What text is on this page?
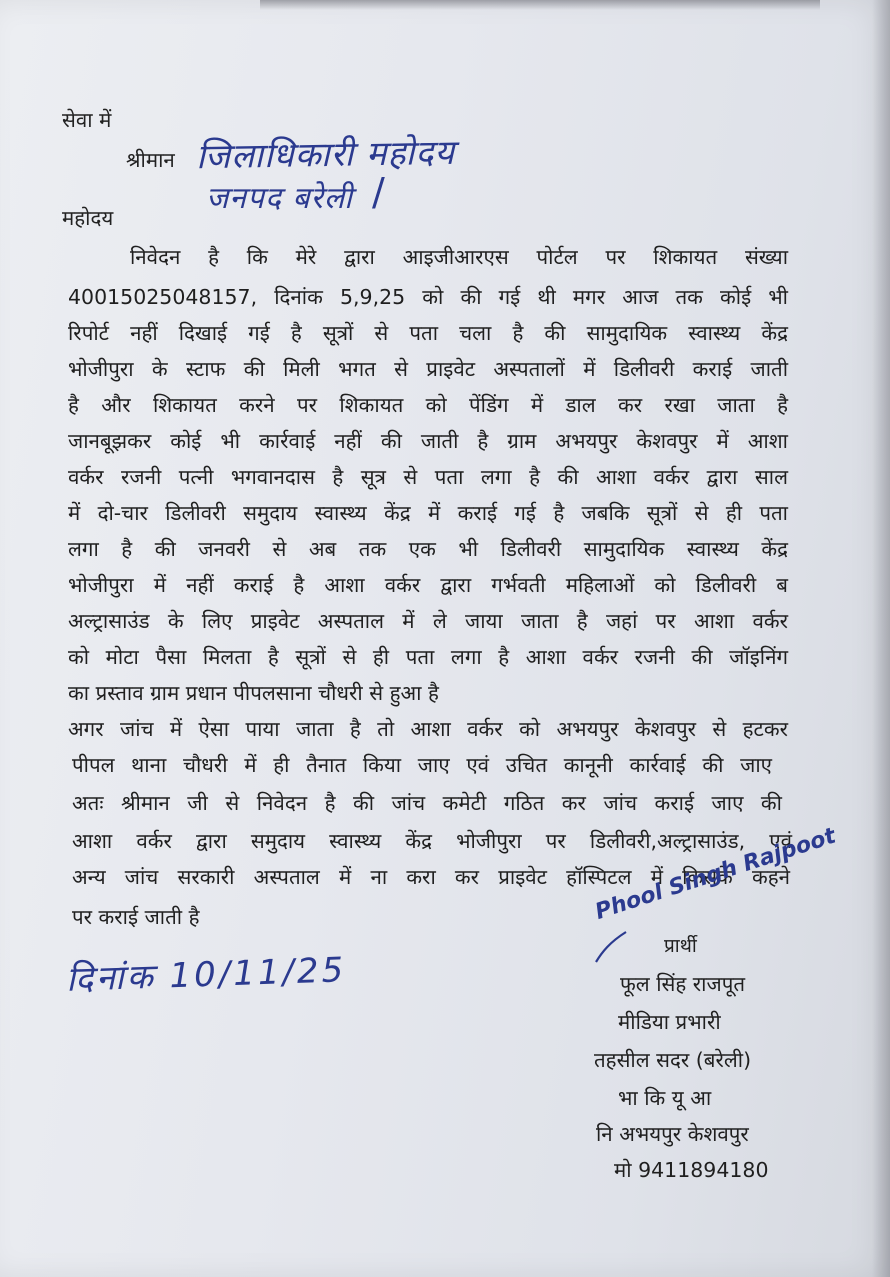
सेवा में
श्रीमान जिलाधिकारी महोदय
जनपद बरेली /
महोदय
निवेदन है कि मेरे द्वारा आइजीआरएस पोर्टल पर शिकायत संख्या
40015025048157, दिनांक 5,9,25 को की गई थी मगर आज तक कोई भी
रिपोर्ट नहीं दिखाई गई है सूत्रों से पता चला है की सामुदायिक स्वास्थ्य केंद्र
भोजीपुरा के स्टाफ की मिली भगत से प्राइवेट अस्पतालों में डिलीवरी कराई जाती
है और शिकायत करने पर शिकायत को पेंडिंग में डाल कर रखा जाता है
जानबूझकर कोई भी कार्रवाई नहीं की जाती है ग्राम अभयपुर केशवपुर में आशा
वर्कर रजनी पत्नी भगवानदास है सूत्र से पता लगा है की आशा वर्कर द्वारा साल
में दो-चार डिलीवरी समुदाय स्वास्थ्य केंद्र में कराई गई है जबकि सूत्रों से ही पता
लगा है की जनवरी से अब तक एक भी डिलीवरी सामुदायिक स्वास्थ्य केंद्र
भोजीपुरा में नहीं कराई है आशा वर्कर द्वारा गर्भवती महिलाओं को डिलीवरी ब
अल्ट्रासाउंड के लिए प्राइवेट अस्पताल में ले जाया जाता है जहां पर आशा वर्कर
को मोटा पैसा मिलता है सूत्रों से ही पता लगा है आशा वर्कर रजनी की जॉइनिंग
का प्रस्ताव ग्राम प्रधान पीपलसाना चौधरी से हुआ है
अगर जांच में ऐसा पाया जाता है तो आशा वर्कर को अभयपुर केशवपुर से हटकर
पीपल थाना चौधरी में ही तैनात किया जाए एवं उचित कानूनी कार्रवाई की जाए
अतः श्रीमान जी से निवेदन है की जांच कमेटी गठित कर जांच कराई जाए की
आशा वर्कर द्वारा समुदाय स्वास्थ्य केंद्र भोजीपुरा पर डिलीवरी,अल्ट्रासाउंड, एवं
अन्य जांच सरकारी अस्पताल में ना करा कर प्राइवेट हॉस्पिटल में किसके कहने
पर कराई जाती है
दिनांक 10/11/25
Phool Singh Rajpoot
प्रार्थी
फूल सिंह राजपूत
मीडिया प्रभारी
तहसील सदर (बरेली)
भा कि यू आ
नि अभयपुर केशवपुर
मो 9411894180
